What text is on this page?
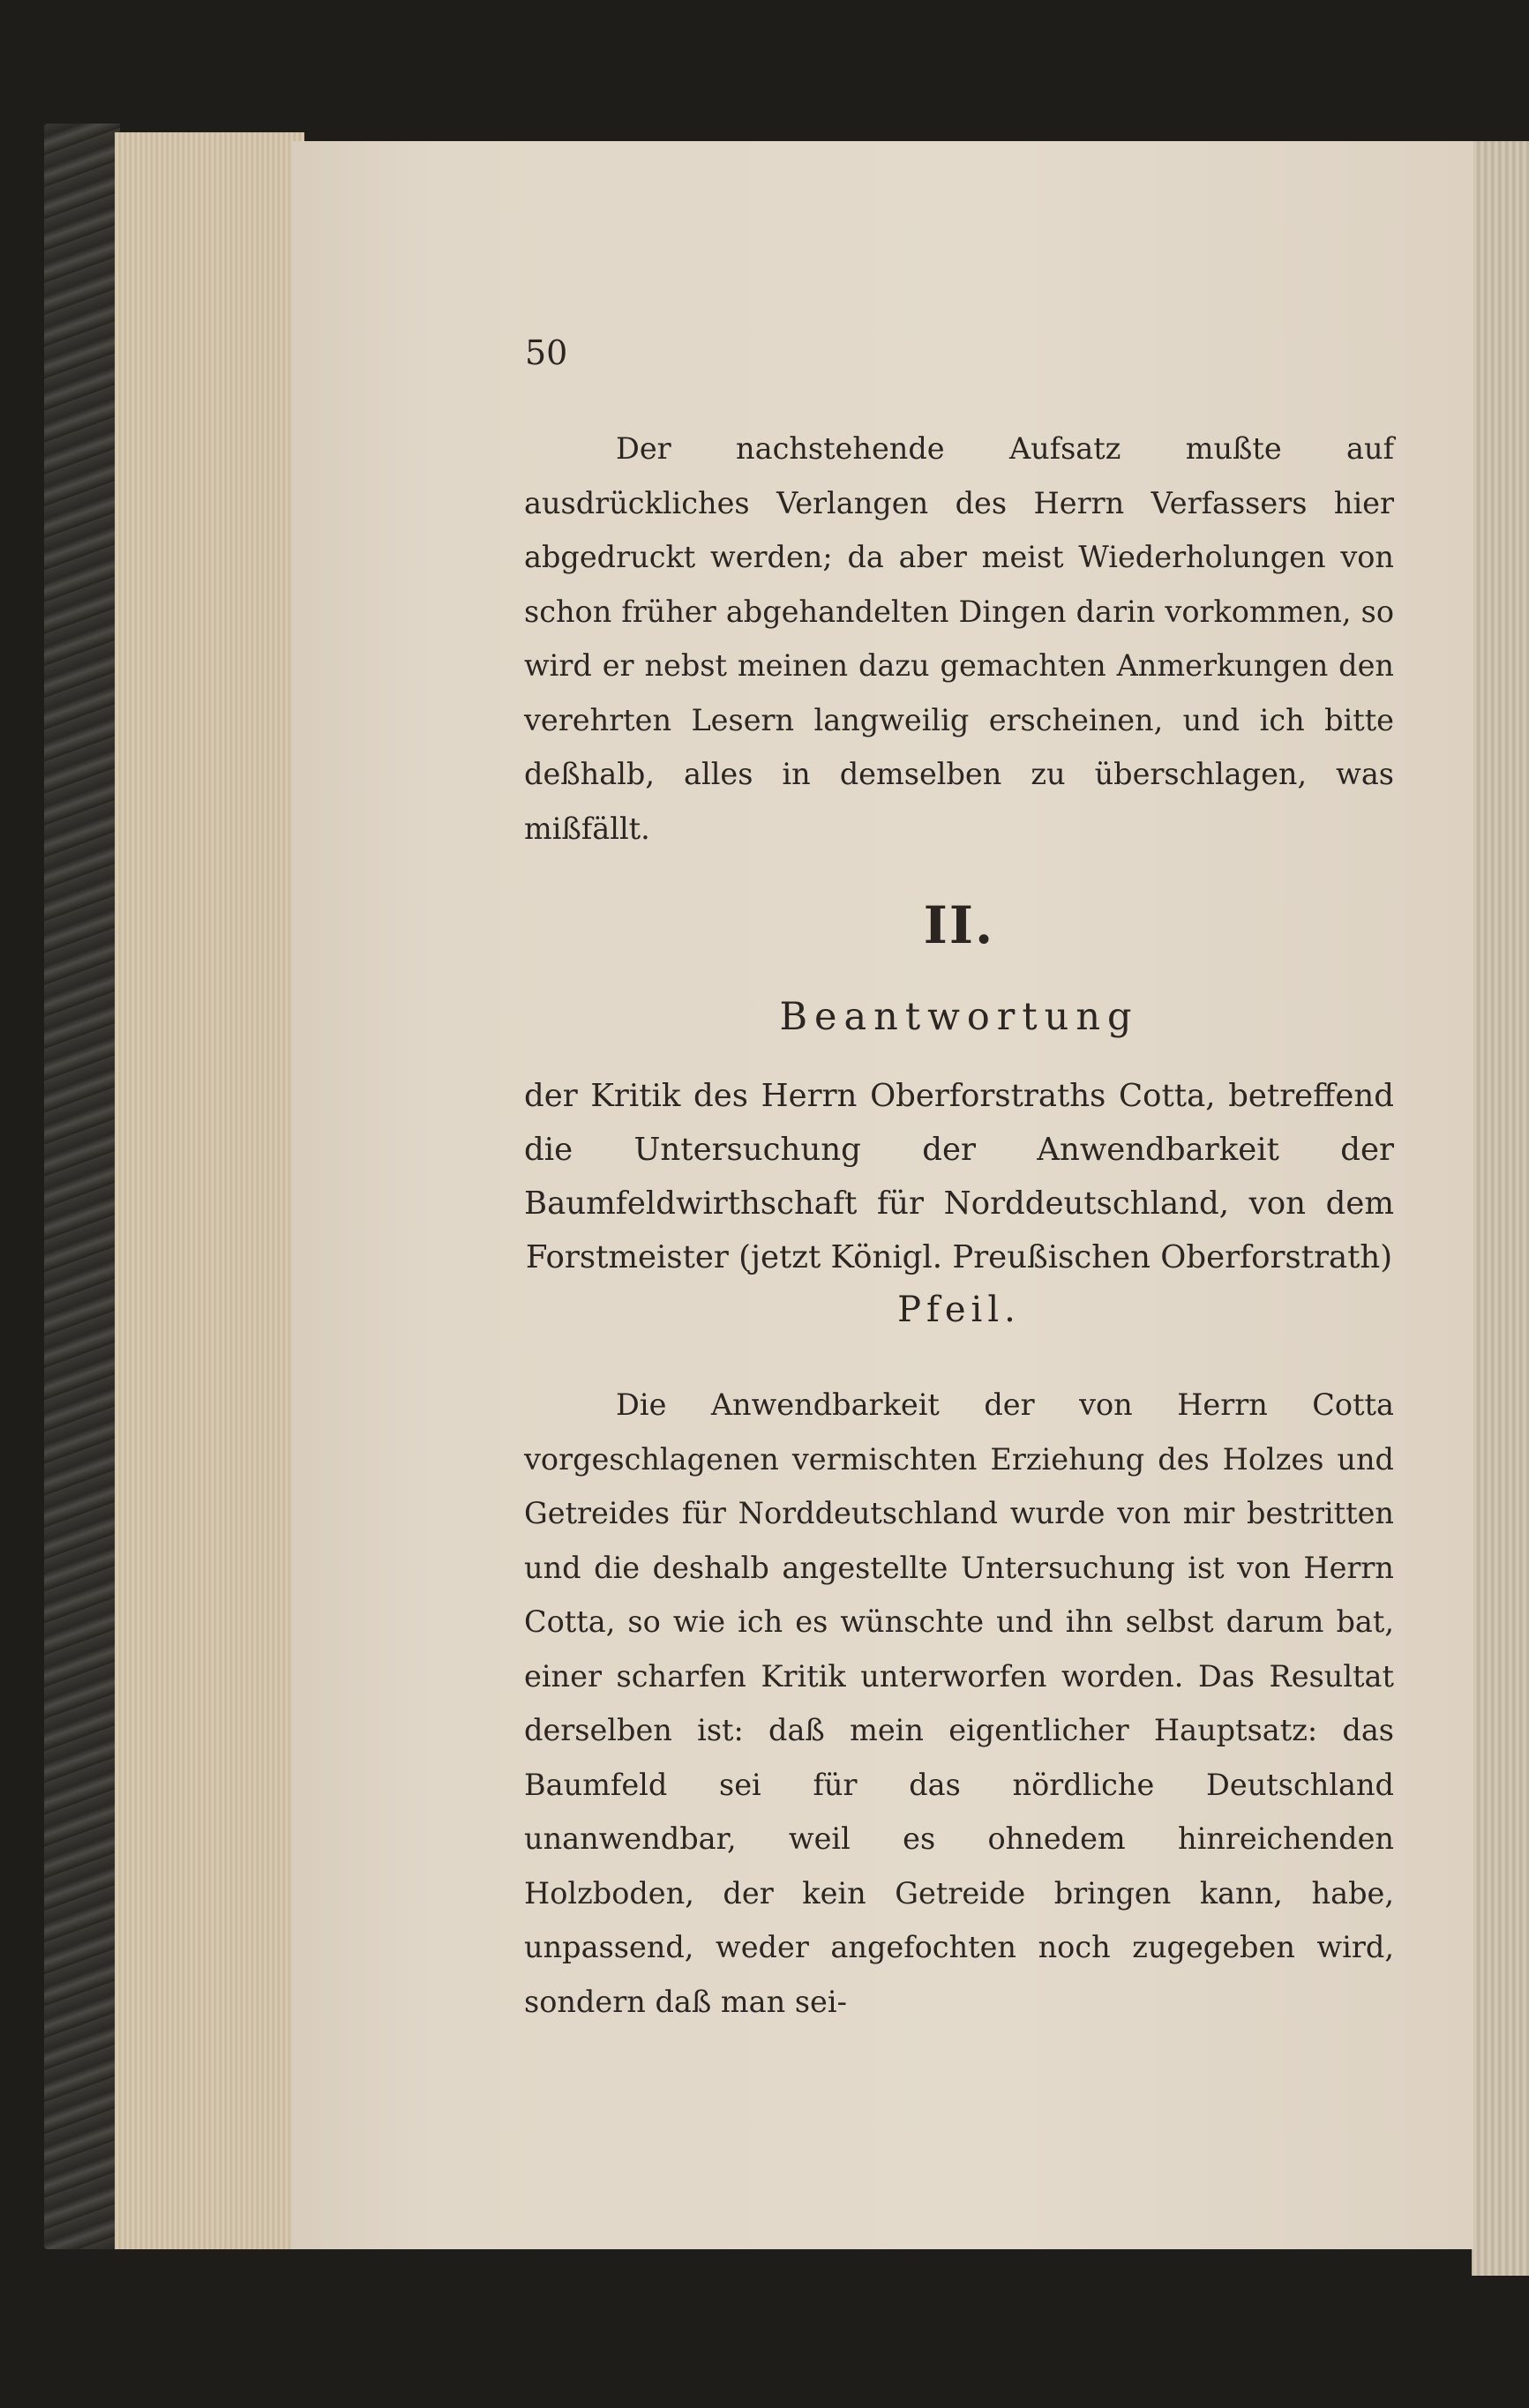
50

Der nachstehende Aufsatz mußte auf ausdrückliches Verlangen des Herrn Verfassers hier abgedruckt werden; da aber meist Wiederholungen von schon früher abgehandelten Dingen darin vorkommen, so wird er nebst meinen dazu gemachten Anmerkungen den verehrten Lesern langweilig erscheinen, und ich bitte deßhalb, alles in demselben zu überschlagen, was mißfällt.

II.
Beantwortung

der Kritik des Herrn Oberforstraths Cotta, betreffend die Untersuchung der Anwendbarkeit der Baumfeldwirthschaft für Norddeutschland, von dem Forstmeister (jetzt Königl. Preußischen Oberforstrath)

Pfeil.

Die Anwendbarkeit der von Herrn Cotta vorgeschlagenen vermischten Erziehung des Holzes und Getreides für Norddeutschland wurde von mir bestritten und die deshalb angestellte Untersuchung ist von Herrn Cotta, so wie ich es wünschte und ihn selbst darum bat, einer scharfen Kritik unterworfen worden. Das Resultat derselben ist: daß mein eigentlicher Hauptsatz: das Baumfeld sei für das nördliche Deutschland unanwendbar, weil es ohnedem hinreichenden Holzboden, der kein Getreide bringen kann, habe, unpassend, weder angefochten noch zugegeben wird, sondern daß man sei-
